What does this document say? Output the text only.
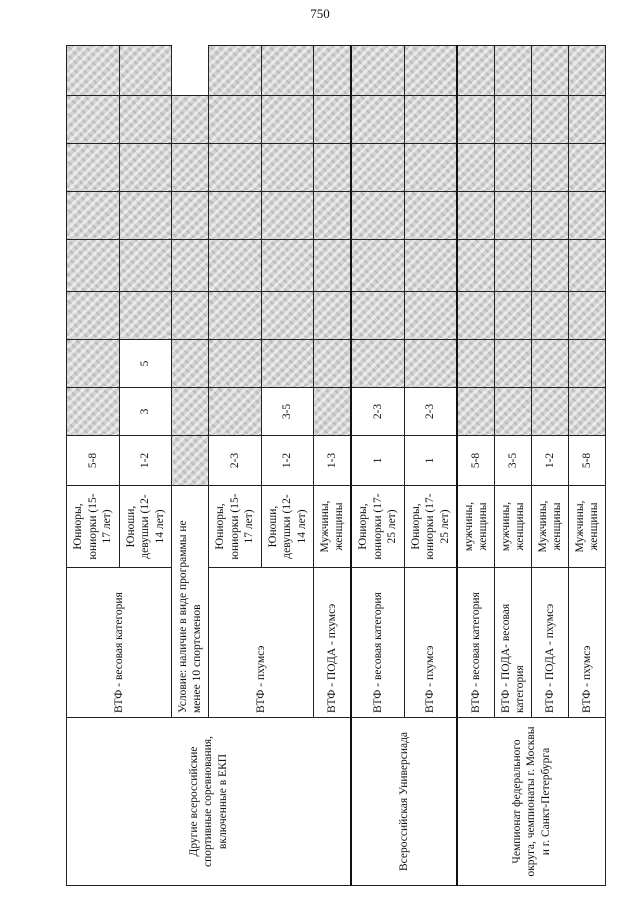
750
Другие всероссийские спортивные соревнования, включенные в ЕКП	ВТФ - весовая категория	Юниоры, юниорки (15-17 лет)	5-8								
		Юноши, девушки (12-14 лет)	1-2	3	5						
	Условие: наличие в виде программы не менее 10 спортсменов										
	ВТФ - пхумсэ	Юниоры, юниорки (15-17 лет)	2-3								
		Юноши, девушки (12-14 лет)	1-2	3-5							
	ВТФ - ПОДА - пхумсэ	Мужчины, женщины	1-3								
Всероссийская Универсиада	ВТФ - весовая категория	Юниоры, юниорки (17-25 лет)	1	2-3							
	ВТФ - пхумсэ	Юниоры, юниорки (17-25 лет)	1	2-3							
Чемпионат федерального округа, чемпионаты г. Москвы и г. Санкт-Петербурга	ВТФ - весовая категория	мужчины, женщины	5-8								
	ВТФ - ПОДА- весовая категория	мужчины, женщины	3-5								
	ВТФ - ПОДА - пхумсэ	Мужчины, женщины	1-2								
	ВТФ - пхумсэ	Мужчины, женщины	5-8								
